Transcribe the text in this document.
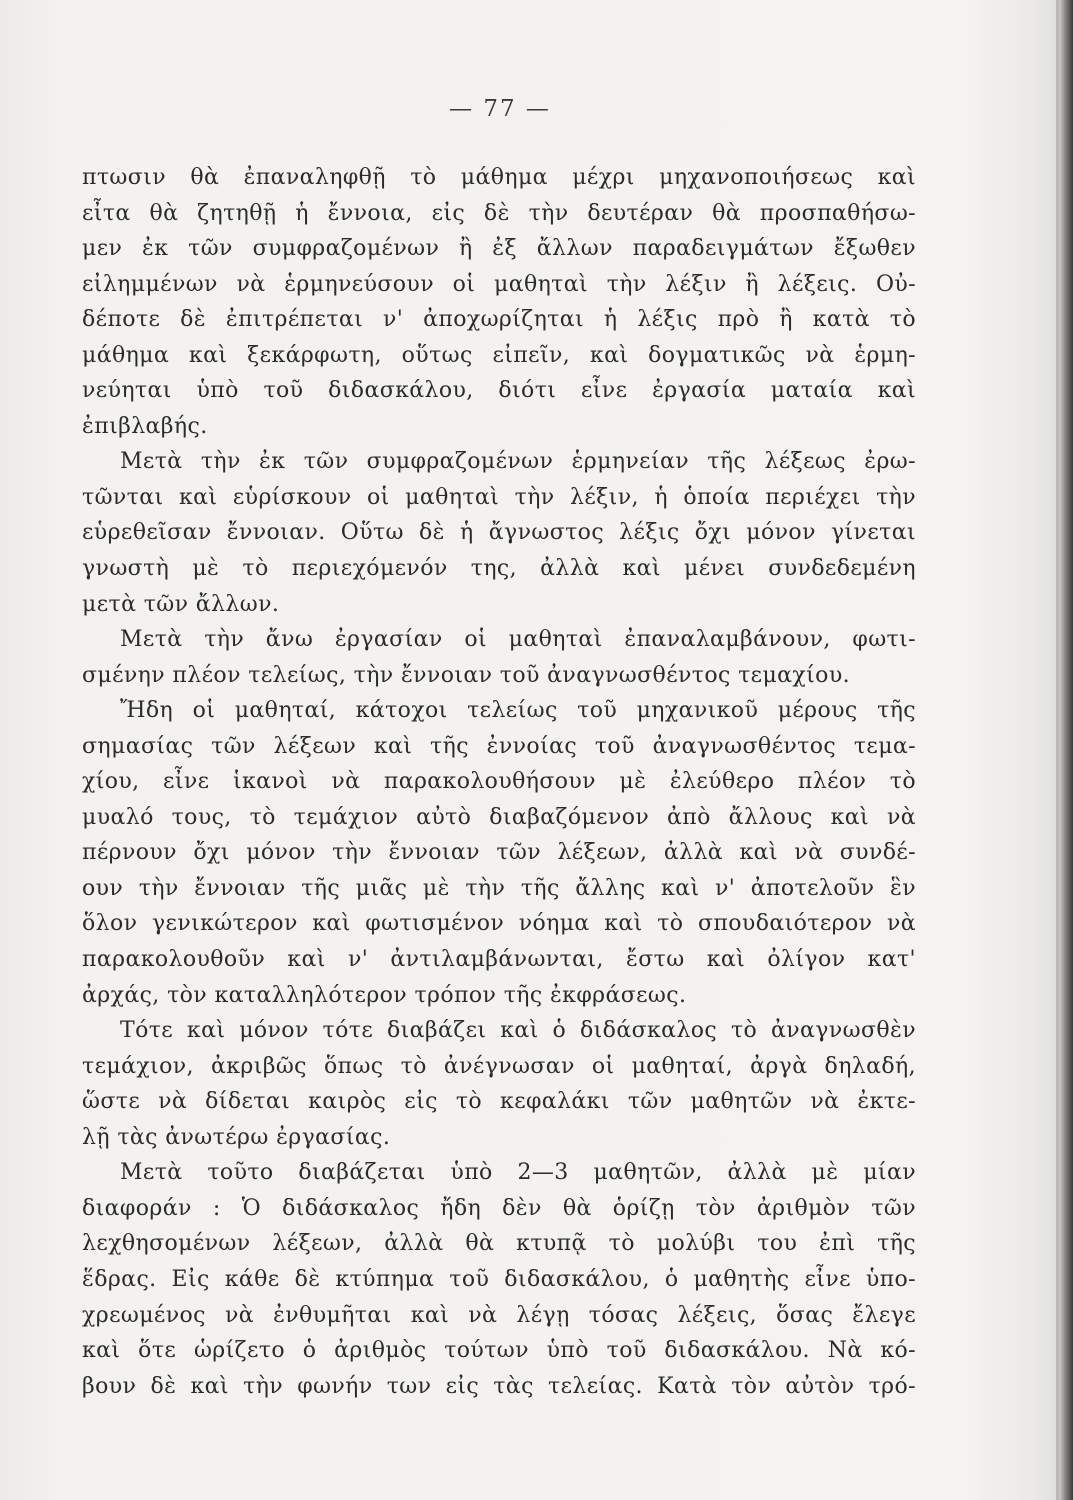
— 77 —
πτωσιν θὰ ἐπαναληφθῇ τὸ μάθημα μέχρι μηχανοποιήσεως καὶ
εἶτα θὰ ζητηθῇ ἡ ἔννοια, εἰς δὲ τὴν δευτέραν θὰ προσπαθήσω-
μεν ἐκ τῶν συμφραζομένων ἢ ἐξ ἄλλων παραδειγμάτων ἔξωθεν
εἰλημμένων νὰ ἑρμηνεύσουν οἱ μαθηταὶ τὴν λέξιν ἢ λέξεις. Οὐ-
δέποτε δὲ ἐπιτρέπεται ν' ἀποχωρίζηται ἡ λέξις πρὸ ἢ κατὰ τὸ
μάθημα καὶ ξεκάρφωτη, οὕτως εἰπεῖν, καὶ δογματικῶς νὰ ἑρμη-
νεύηται ὑπὸ τοῦ διδασκάλου, διότι εἶνε ἐργασία ματαία καὶ
ἐπιβλαβής.
Μετὰ τὴν ἐκ τῶν συμφραζομένων ἑρμηνείαν τῆς λέξεως ἐρω-
τῶνται καὶ εὑρίσκουν οἱ μαθηταὶ τὴν λέξιν, ἡ ὁποία περιέχει τὴν
εὑρεθεῖσαν ἔννοιαν. Οὕτω δὲ ἡ ἄγνωστος λέξις ὄχι μόνον γίνεται
γνωστὴ μὲ τὸ περιεχόμενόν της, ἀλλὰ καὶ μένει συνδεδεμένη
μετὰ τῶν ἄλλων.
Μετὰ τὴν ἄνω ἐργασίαν οἱ μαθηταὶ ἐπαναλαμβάνουν, φωτι-
σμένην πλέον τελείως, τὴν ἔννοιαν τοῦ ἀναγνωσθέντος τεμαχίου.
Ἤδη οἱ μαθηταί, κάτοχοι τελείως τοῦ μηχανικοῦ μέρους τῆς
σημασίας τῶν λέξεων καὶ τῆς ἐννοίας τοῦ ἀναγνωσθέντος τεμα-
χίου, εἶνε ἱκανοὶ νὰ παρακολουθήσουν μὲ ἐλεύθερο πλέον τὸ
μυαλό τους, τὸ τεμάχιον αὐτὸ διαβαζόμενον ἀπὸ ἄλλους καὶ νὰ
πέρνουν ὄχι μόνον τὴν ἔννοιαν τῶν λέξεων, ἀλλὰ καὶ νὰ συνδέ-
ουν τὴν ἔννοιαν τῆς μιᾶς μὲ τὴν τῆς ἄλλης καὶ ν' ἀποτελοῦν ἓν
ὅλον γενικώτερον καὶ φωτισμένον νόημα καὶ τὸ σπουδαιότερον νὰ
παρακολουθοῦν καὶ ν' ἀντιλαμβάνωνται, ἔστω καὶ ὀλίγον κατ'
ἀρχάς, τὸν καταλληλότερον τρόπον τῆς ἐκφράσεως.
Τότε καὶ μόνον τότε διαβάζει καὶ ὁ διδάσκαλος τὸ ἀναγνωσθὲν
τεμάχιον, ἀκριβῶς ὅπως τὸ ἀνέγνωσαν οἱ μαθηταί, ἀργὰ δηλαδή,
ὥστε νὰ δίδεται καιρὸς εἰς τὸ κεφαλάκι τῶν μαθητῶν νὰ ἐκτε-
λῇ τὰς ἀνωτέρω ἐργασίας.
Μετὰ τοῦτο διαβάζεται ὑπὸ 2—3 μαθητῶν, ἀλλὰ μὲ μίαν
διαφοράν : Ὁ διδάσκαλος ἤδη δὲν θὰ ὁρίζῃ τὸν ἀριθμὸν τῶν
λεχθησομένων λέξεων, ἀλλὰ θὰ κτυπᾷ τὸ μολύβι του ἐπὶ τῆς
ἕδρας. Εἰς κάθε δὲ κτύπημα τοῦ διδασκάλου, ὁ μαθητὴς εἶνε ὑπο-
χρεωμένος νὰ ἐνθυμῆται καὶ νὰ λέγῃ τόσας λέξεις, ὅσας ἔλεγε
καὶ ὅτε ὡρίζετο ὁ ἀριθμὸς τούτων ὑπὸ τοῦ διδασκάλου. Νὰ κό-
βουν δὲ καὶ τὴν φωνήν των εἰς τὰς τελείας. Κατὰ τὸν αὐτὸν τρό-
